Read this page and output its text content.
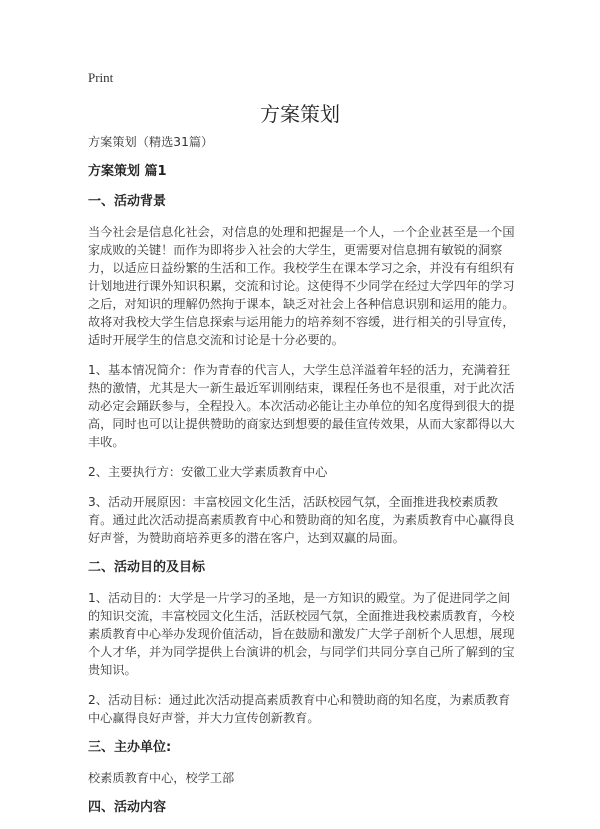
Print
方案策划
方案策划（精选31篇）
方案策划 篇1
一、活动背景

当今社会是信息化社会，对信息的处理和把握是一个人，一个企业甚至是一个国家成败的关键！而作为即将步入社会的大学生，更需要对信息拥有敏锐的洞察力，以适应日益纷繁的生活和工作。我校学生在课本学习之余，并没有有组织有计划地进行课外知识积累，交流和讨论。这使得不少同学在经过大学四年的学习之后，对知识的理解仍然拘于课本，缺乏对社会上各种信息识别和运用的能力。故将对我校大学生信息探索与运用能力的培养刻不容缓，进行相关的引导宣传，适时开展学生的信息交流和讨论是十分必要的。

1、基本情况简介：作为青春的代言人，大学生总洋溢着年轻的活力，充满着狂热的激情，尤其是大一新生最近军训刚结束，课程任务也不是很重，对于此次活动必定会踊跃参与，全程投入。本次活动必能让主办单位的知名度得到很大的提高，同时也可以让提供赞助的商家达到想要的最佳宣传效果，从而大家都得以大丰收。

2、主要执行方：安徽工业大学素质教育中心

3、活动开展原因：丰富校园文化生活，活跃校园气氛，全面推进我校素质教育。通过此次活动提高素质教育中心和赞助商的知名度，为素质教育中心赢得良好声誉，为赞助商培养更多的潜在客户，达到双赢的局面。

二、活动目的及目标

1、活动目的：大学是一片学习的圣地，是一方知识的殿堂。为了促进同学之间的知识交流，丰富校园文化生活，活跃校园气氛，全面推进我校素质教育，今校素质教育中心举办发现价值活动，旨在鼓励和激发广大学子剖析个人思想，展现个人才华，并为同学提供上台演讲的机会，与同学们共同分享自己所了解到的宝贵知识。

2、活动目标：通过此次活动提高素质教育中心和赞助商的知名度，为素质教育中心赢得良好声誉，并大力宣传创新教育。

三、主办单位:

校素质教育中心，校学工部

四、活动内容
